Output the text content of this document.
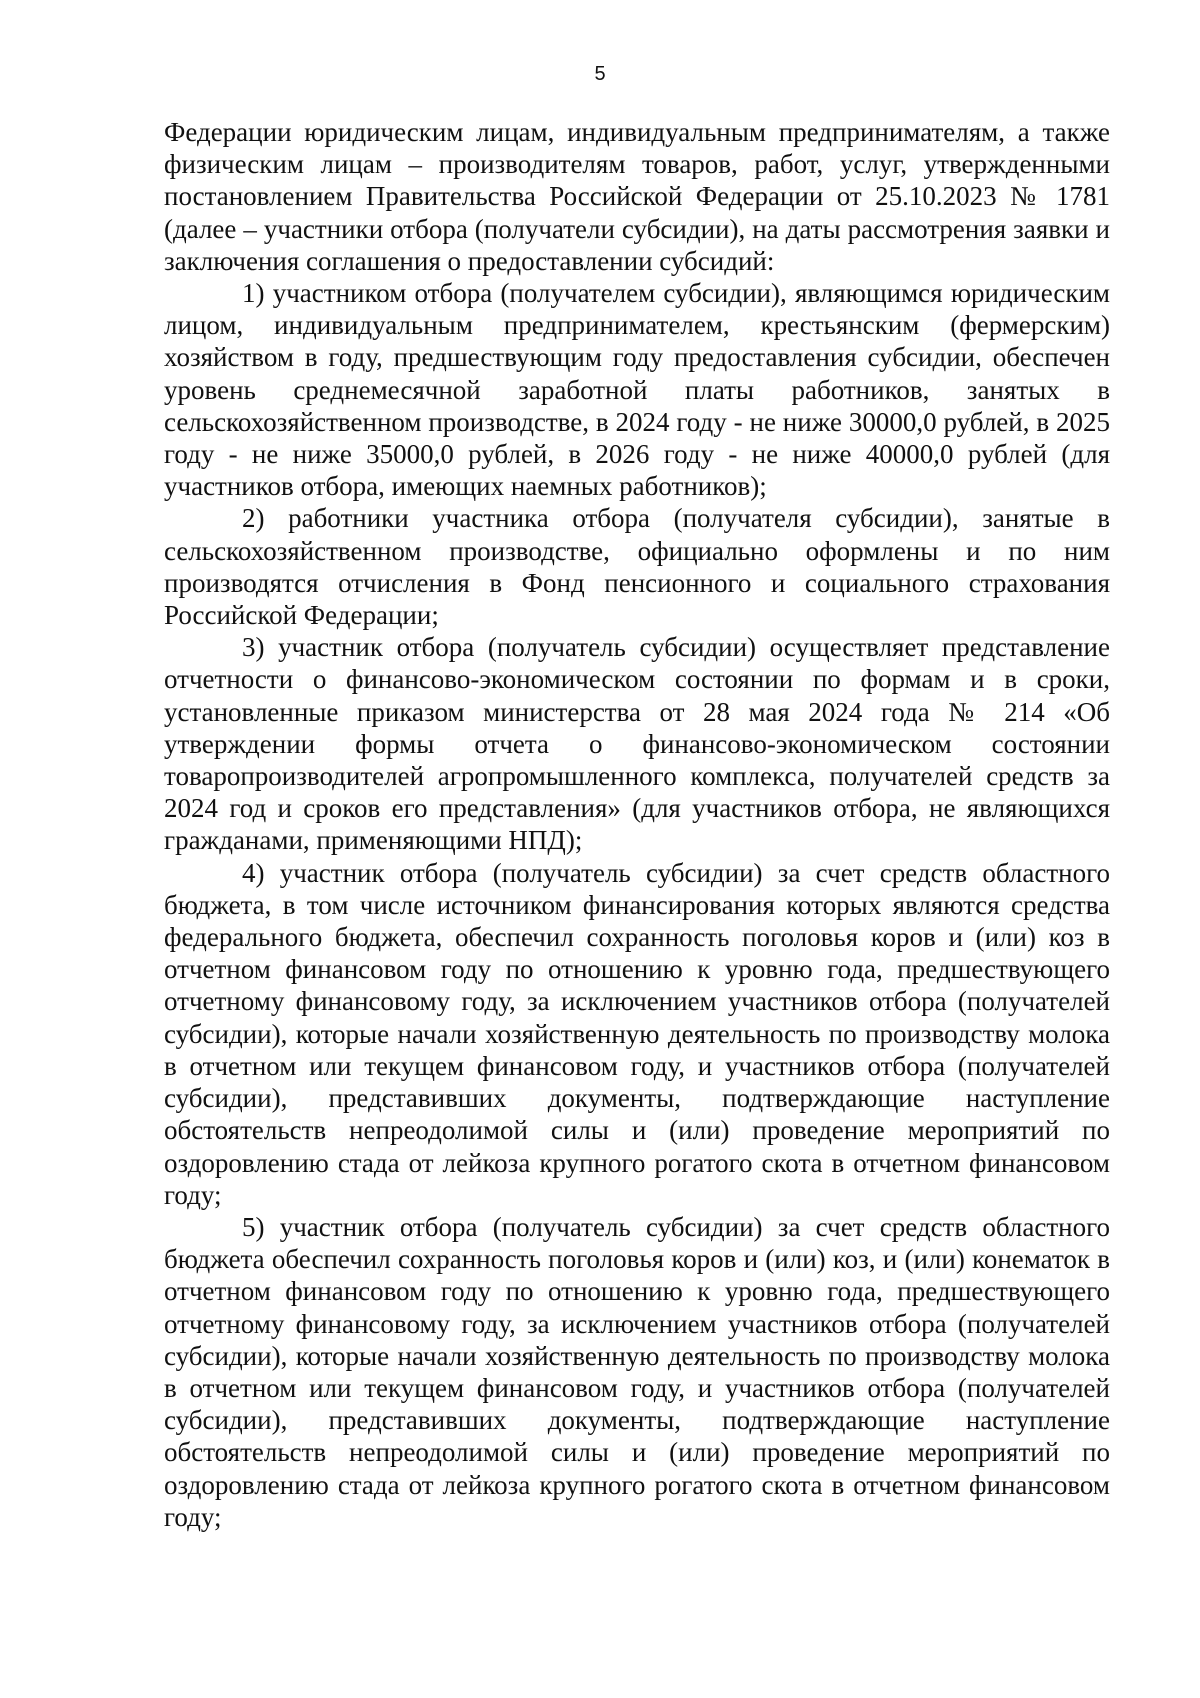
5

Федерации юридическим лицам, индивидуальным предпринимателям, а также физическим лицам – производителям товаров, работ, услуг, утвержденными постановлением Правительства Российской Федерации от 25.10.2023 № 1781 (далее – участники отбора (получатели субсидии), на даты рассмотрения заявки и заключения соглашения о предоставлении субсидий:

1) участником отбора (получателем субсидии), являющимся юридическим лицом, индивидуальным предпринимателем, крестьянским (фермерским) хозяйством в году, предшествующим году предоставления субсидии, обеспечен уровень среднемесячной заработной платы работников, занятых в сельскохозяйственном производстве, в 2024 году - не ниже 30000,0 рублей, в 2025 году - не ниже 35000,0 рублей, в 2026 году - не ниже 40000,0 рублей (для участников отбора, имеющих наемных работников);

2) работники участника отбора (получателя субсидии), занятые в сельскохозяйственном производстве, официально оформлены и по ним производятся отчисления в Фонд пенсионного и социального страхования Российской Федерации;

3) участник отбора (получатель субсидии) осуществляет представление отчетности о финансово-экономическом состоянии по формам и в сроки, установленные приказом министерства от 28 мая 2024 года № 214 «Об утверждении формы отчета о финансово-экономическом состоянии товаропроизводителей агропромышленного комплекса, получателей средств за 2024 год и сроков его представления» (для участников отбора, не являющихся гражданами, применяющими НПД);

4) участник отбора (получатель субсидии) за счет средств областного бюджета, в том числе источником финансирования которых являются средства федерального бюджета, обеспечил сохранность поголовья коров и (или) коз в отчетном финансовом году по отношению к уровню года, предшествующего отчетному финансовому году, за исключением участников отбора (получателей субсидии), которые начали хозяйственную деятельность по производству молока в отчетном или текущем финансовом году, и участников отбора (получателей субсидии), представивших документы, подтверждающие наступление обстоятельств непреодолимой силы и (или) проведение мероприятий по оздоровлению стада от лейкоза крупного рогатого скота в отчетном финансовом году;

5) участник отбора (получатель субсидии) за счет средств областного бюджета обеспечил сохранность поголовья коров и (или) коз, и (или) конематок в отчетном финансовом году по отношению к уровню года, предшествующего отчетному финансовому году, за исключением участников отбора (получателей субсидии), которые начали хозяйственную деятельность по производству молока в отчетном или текущем финансовом году, и участников отбора (получателей субсидии), представивших документы, подтверждающие наступление обстоятельств непреодолимой силы и (или) проведение мероприятий по оздоровлению стада от лейкоза крупного рогатого скота в отчетном финансовом году;
